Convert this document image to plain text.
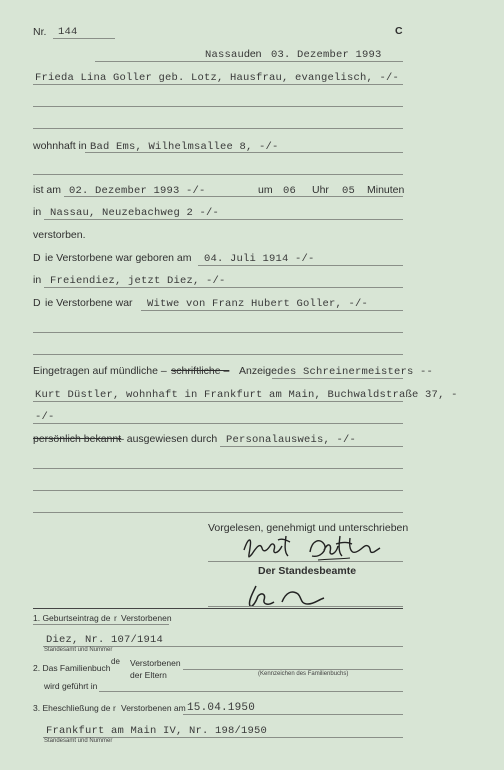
Nr. 144	C
Nassau den 03. Dezember 1993
Frieda Lina Goller geb. Lotz, Hausfrau, evangelisch, -/-
wohnhaft in Bad Ems, Wilhelmsallee 8, -/-
ist am 02. Dezember 1993 -/-	um 06 Uhr 05 Minuten
in Nassau, Neuzebachweg 2 -/-
verstorben.
D ie Verstorbene war geboren am 04. Juli 1914 -/-
in Freiendiez, jetzt Diez, -/-
D ie Verstorbene war Witwe von Franz Hubert Goller, -/-
Eingetragen auf mündliche – schriftliche – Anzeige des Schreinermeisters --
Kurt Düstler, wohnhaft in Frankfurt am Main, Buchwaldstraße 37, -
-/-
persönlich bekannt
– ausgewiesen durch Personalausweis, -/-
Vorgelesen, genehmigt und unterschrieben
Der Standesbeamte
1. Geburtseintrag de r Verstorbenen
Diez, Nr. 107/1914
Standesamt und Nummer
2. Das Familienbuch
de Verstorbenen
der Eltern	(Kennzeichen des Familienbuchs)
wird geführt in
3. Eheschließung de r Verstorbenen am 15.04.1950
Frankfurt am Main IV, Nr. 198/1950
Standesamt und Nummer
